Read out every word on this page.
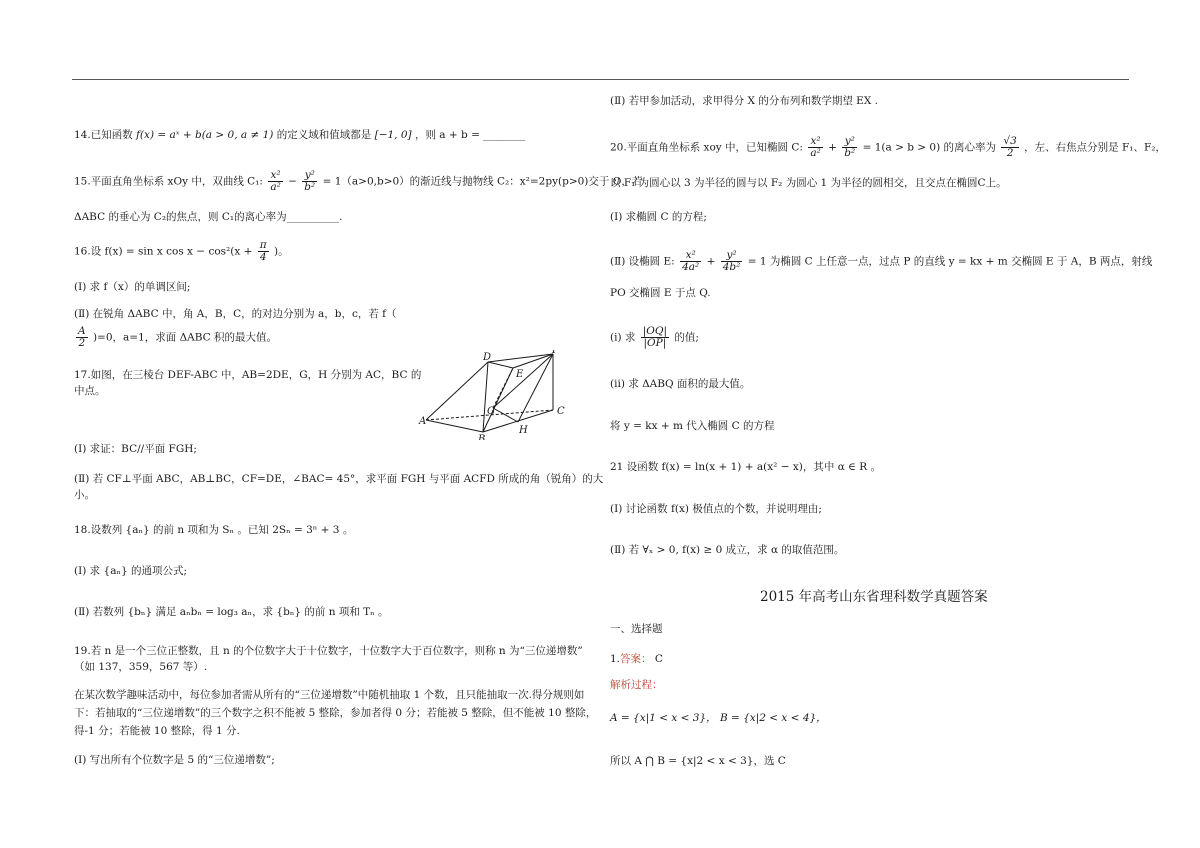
14.已知函数 f(x) = aˣ + b(a > 0, a ≠ 1) 的定义域和值域都是 [−1, 0] ，则 a + b = ________
15.平面直角坐标系 xOy 中，双曲线 C₁: $\frac{\text{x²}}{\text{a²}} - \frac{\text{y²}}{\text{b²}} = 1(a>0,b>0)$的渐近线与抛物线 C₂：x²=2py(p>0)交于 O，若
ΔABC 的垂心为 C₂的焦点，则 C₁的离心率为__________.
16.设 f(x) = sin x $\cos x - \cos^2(x + \frac{\pi}{4}$ )。
(Ⅰ) 求 f（x）的单调区间;
(Ⅱ) 在锐角 ΔABC 中，角 A，B，C，的对边分别为 a，b，c，若 f（
$\frac{A}{2} )=0$，a=1，求面 ΔABC 积的最大值。
17.如图，在三棱台 DEF-ABC 中，AB=2DE，G，H 分别为 AC，BC 的
中点。
(Ⅰ) 求证：BC//平面 FGH;
(Ⅱ) 若 CF⊥平面 ABC，AB⊥BC，CF=DE，∠BAC= 45°，求平面 FGH 与平面 ACFD 所成的角（锐角）的大
小。
18.设数列 {aₙ} 的前 n 项和为 Sₙ 。已知 2Sₙ = 3ⁿ + 3 。
(Ⅰ) 求 {aₙ} 的通项公式;
(Ⅱ) 若数列 {bₙ} 满足 aₙbₙ = log₃ aₙ，求 {bₙ} 的前 n 项和 Tₙ 。
19.若 n 是一个三位正整数，且 n 的个位数字大于十位数字，十位数字大于百位数字，则称 n 为“三位递增数”
（如 137，359，567 等）.
在某次数学趣味活动中，每位参加者需从所有的“三位递增数”中随机抽取 1 个数，且只能抽取一次.得分规则如
下：若抽取的“三位递增数”的三个数字之积不能被 5 整除，参加者得 0 分；若能被 5 整除，但不能被 10 整除，
得-1 分；若能被 10 整除，得 1 分.
(Ⅰ) 写出所有个位数字是 5 的“三位递增数”;
D
F
E
G
A
C
H
B
(Ⅱ) 若甲参加活动，求甲得分 X 的分布列和数学期望 EX .
20.平面直角坐标系 xoy 中，已知椭圆 C: $\frac{\text{x²}}{\text{a²}} + \frac{\text{y²}}{\text{b²}} = 1(a > b > 0)$ 的离心率为 $\frac{√3}{2}$ ，左、右焦点分别是 F₁、F₂，
以 F₁ 为圆心以 3 为半径的圆与以 F₂ 为圆心 1 为半径的圆相交，且交点在椭圆C上。
(Ⅰ) 求椭圆 C 的方程;
(Ⅱ) 设椭圆 E: $\frac{\text{x²}}{\text{4a²}} + \frac{\text{y²}}{\text{4b²}} = 1$ 为椭圆 C 上任意一点，过点 P 的直线 y = kx + m 交椭圆 E 于 A，B 两点，射线
PO 交椭圆 E 于点 Q.
(i) 求 $\frac{|OQ|}{|OP|}$ 的值;
(ii) 求 ΔABQ 面积的最大值。
将 y = kx + m 代入椭圆 C 的方程
21 设函数 f(x) = ln(x + 1) + a(x² − x)，其中 α ∈ R 。
(Ⅰ) 讨论函数 f(x) 极值点的个数，并说明理由;
(Ⅱ) 若 ∀ₓ > 0, f(x) ≥ 0 成立，求 α 的取值范围。
2015 年高考山东省理科数学真题答案
一、选择题
1.答案： C
解析过程：
A = {x|1 < x < 3}， B = {x|2 < x < 4}，
所以 A ⋂ B = {x|2 < x < 3}，选 C
